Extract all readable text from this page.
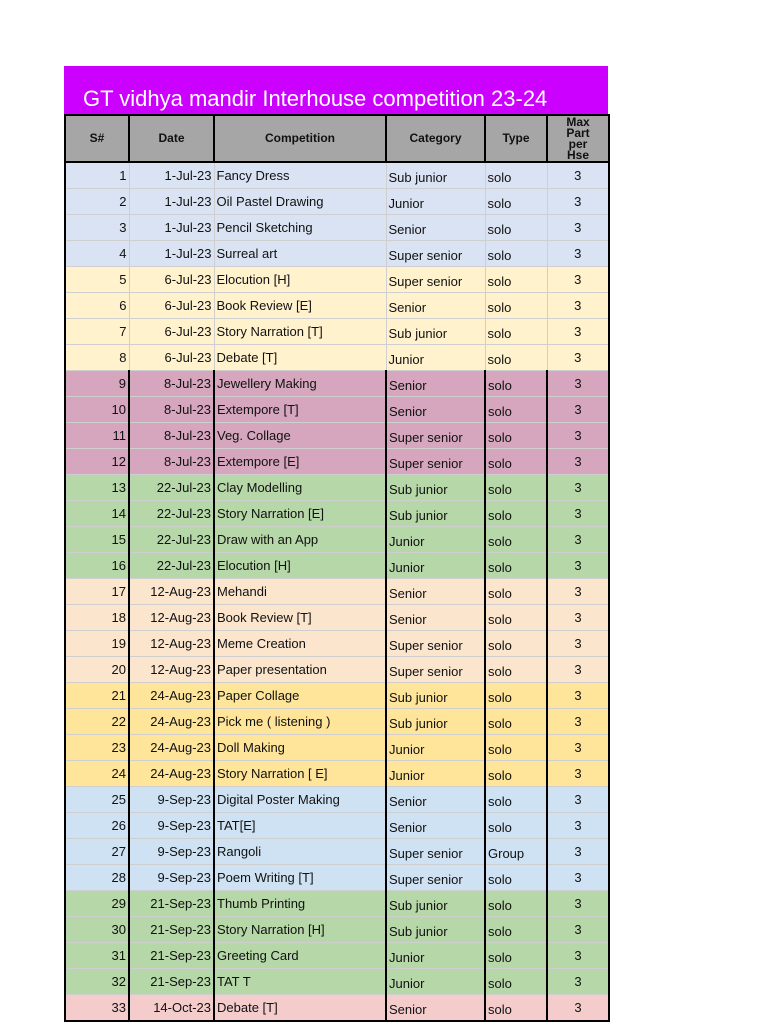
GT vidhya mandir Interhouse competition 23-24
S#	Date	Competition	Category	Type	Max
Part
per
Hse
1	1-Jul-23	Fancy Dress	Sub junior	solo	3
2	1-Jul-23	Oil Pastel Drawing	Junior	solo	3
3	1-Jul-23	Pencil Sketching	Senior	solo	3
4	1-Jul-23	Surreal art	Super senior	solo	3
5	6-Jul-23	Elocution [H]	Super senior	solo	3
6	6-Jul-23	Book Review [E]	Senior	solo	3
7	6-Jul-23	Story Narration [T]	Sub junior	solo	3
8	6-Jul-23	Debate [T]	Junior	solo	3
9	8-Jul-23	Jewellery Making	Senior	solo	3
10	8-Jul-23	Extempore [T]	Senior	solo	3
11	8-Jul-23	Veg. Collage	Super senior	solo	3
12	8-Jul-23	Extempore [E]	Super senior	solo	3
13	22-Jul-23	Clay Modelling	Sub junior	solo	3
14	22-Jul-23	Story Narration [E]	Sub junior	solo	3
15	22-Jul-23	Draw with an App	Junior	solo	3
16	22-Jul-23	Elocution [H]	Junior	solo	3
17	12-Aug-23	Mehandi	Senior	solo	3
18	12-Aug-23	Book Review [T]	Senior	solo	3
19	12-Aug-23	Meme Creation	Super senior	solo	3
20	12-Aug-23	Paper presentation	Super senior	solo	3
21	24-Aug-23	Paper Collage	Sub junior	solo	3
22	24-Aug-23	Pick me ( listening )	Sub junior	solo	3
23	24-Aug-23	Doll Making	Junior	solo	3
24	24-Aug-23	Story Narration [ E]	Junior	solo	3
25	9-Sep-23	Digital Poster Making	Senior	solo	3
26	9-Sep-23	TAT[E]	Senior	solo	3
27	9-Sep-23	Rangoli	Super senior	Group	3
28	9-Sep-23	Poem Writing [T]	Super senior	solo	3
29	21-Sep-23	Thumb Printing	Sub junior	solo	3
30	21-Sep-23	Story Narration [H]	Sub junior	solo	3
31	21-Sep-23	Greeting Card	Junior	solo	3
32	21-Sep-23	TAT T	Junior	solo	3
33	14-Oct-23	Debate [T]	Senior	solo	3
